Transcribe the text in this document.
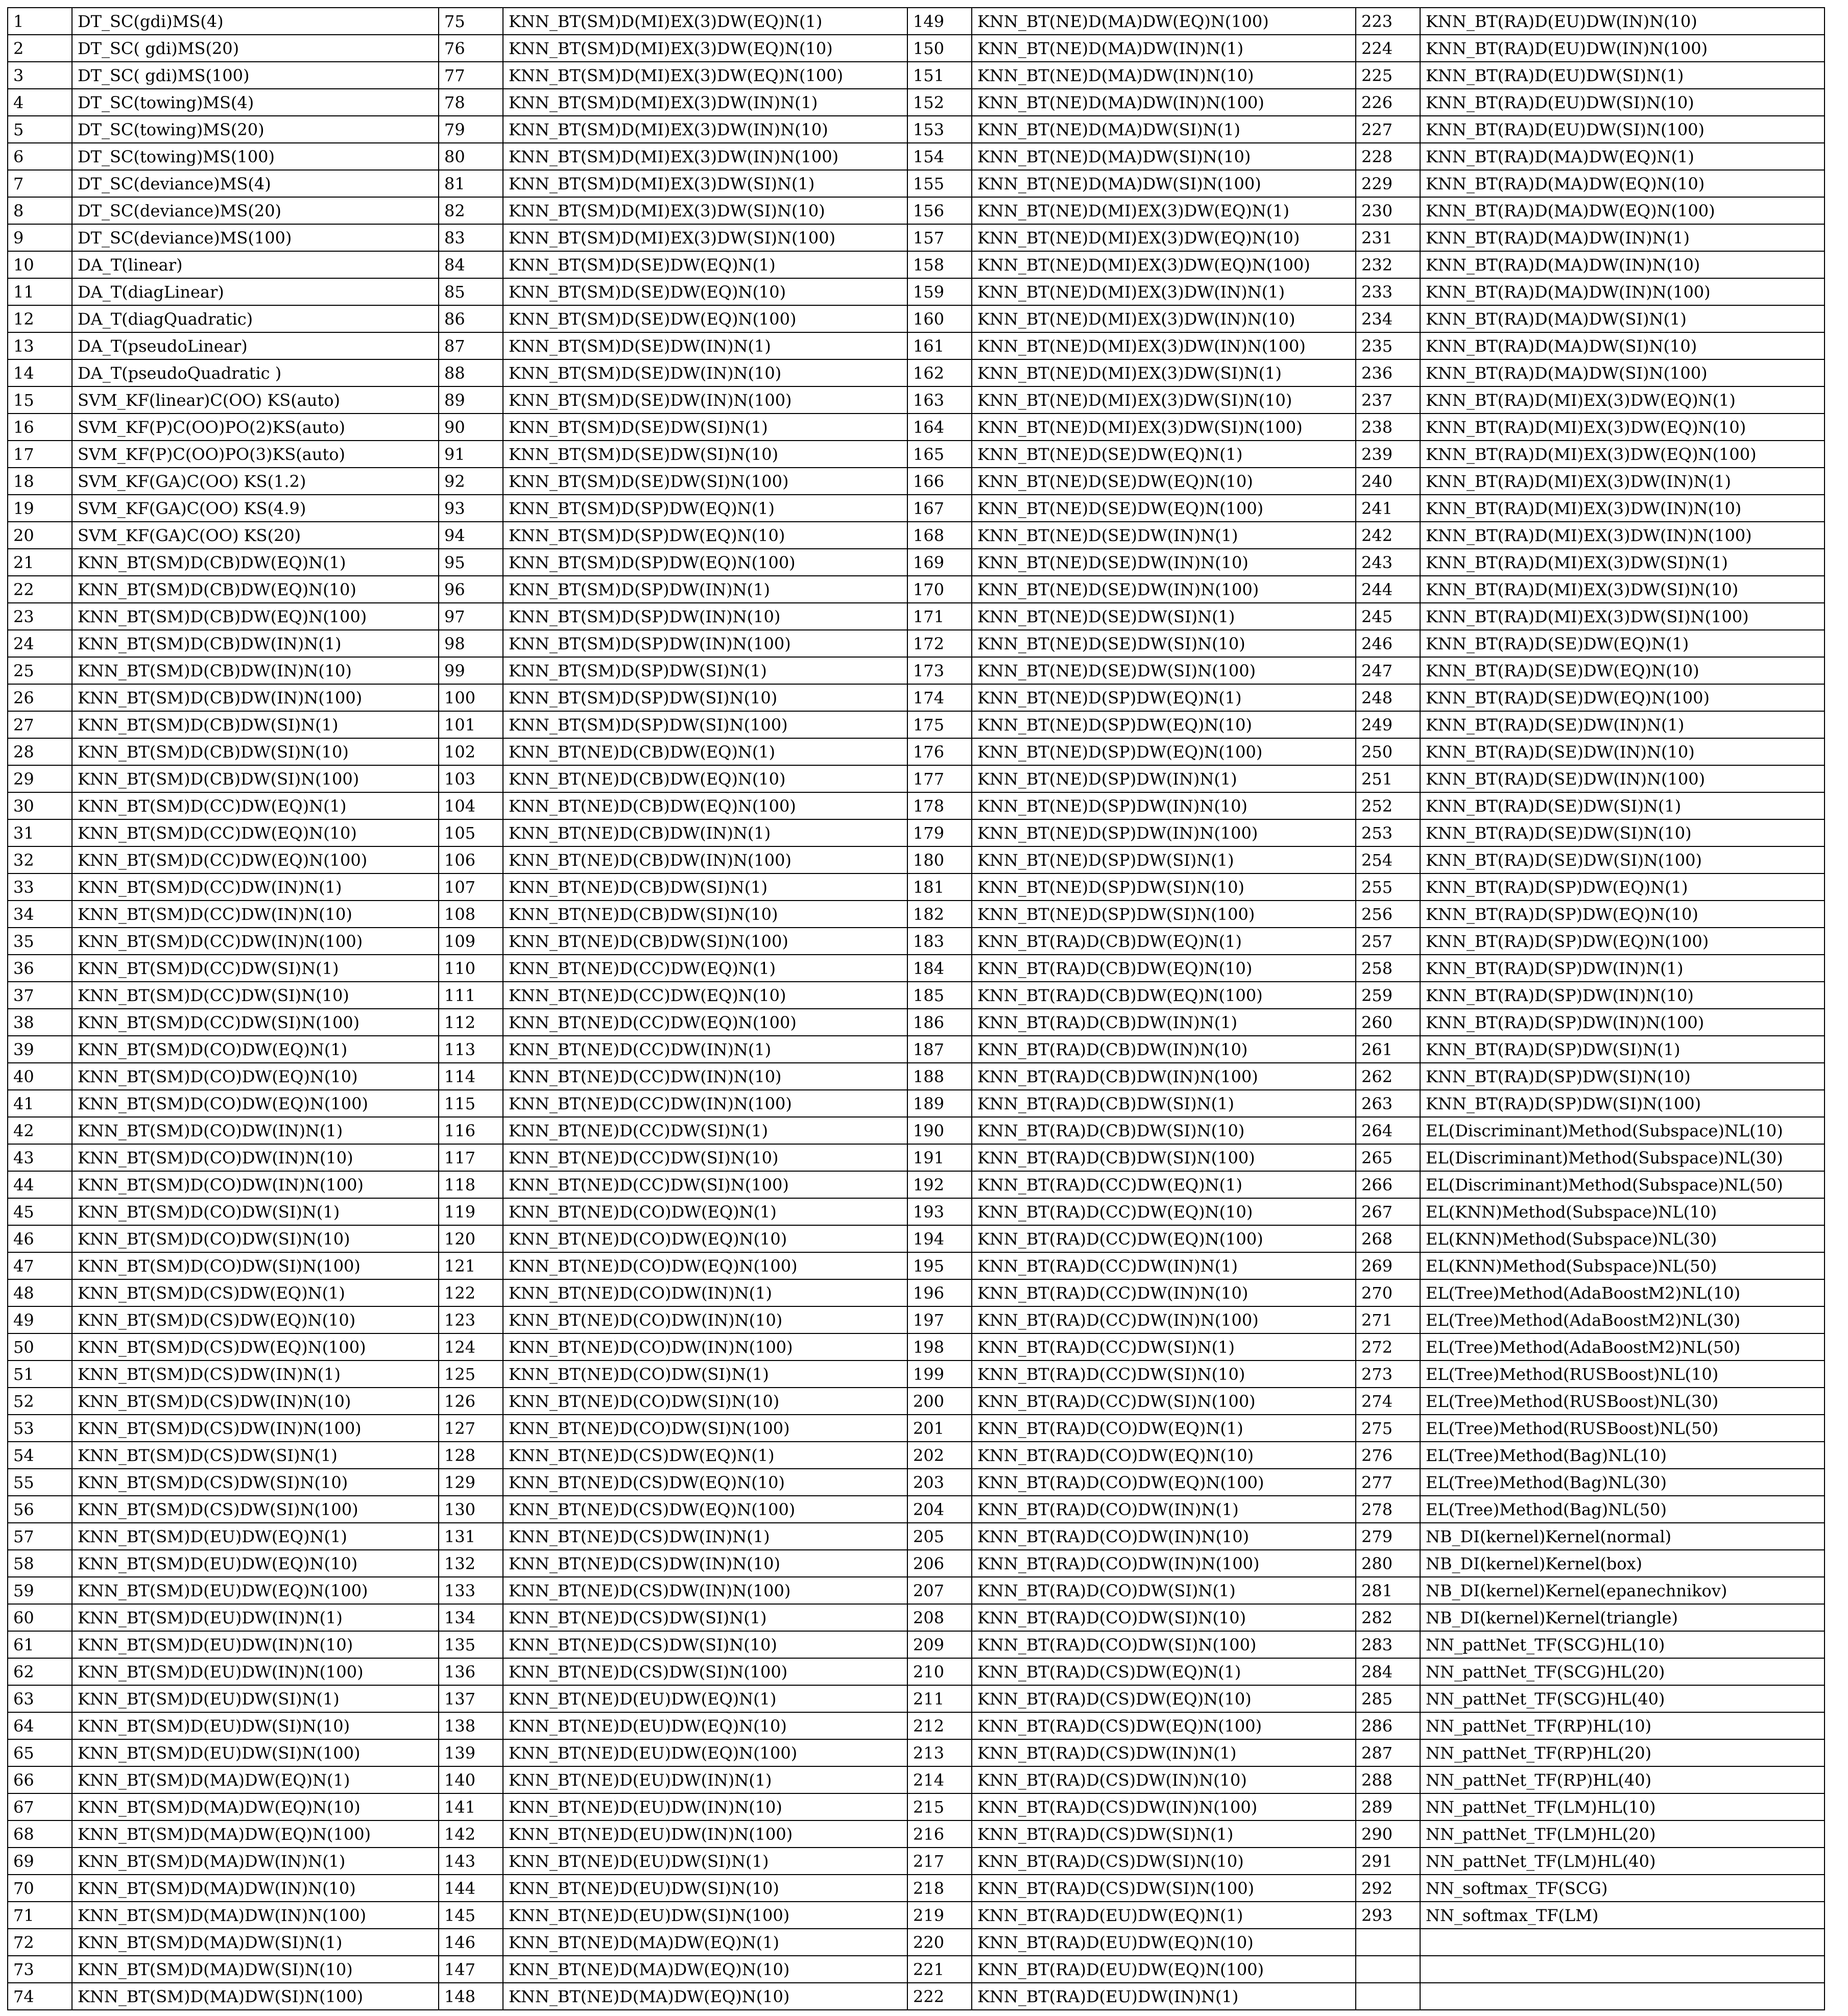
1	DT_SC(gdi)MS(4)	75	KNN_BT(SM)D(MI)EX(3)DW(EQ)N(1)	149	KNN_BT(NE)D(MA)DW(EQ)N(100)	223	KNN_BT(RA)D(EU)DW(IN)N(10)
2	DT_SC( gdi)MS(20)	76	KNN_BT(SM)D(MI)EX(3)DW(EQ)N(10)	150	KNN_BT(NE)D(MA)DW(IN)N(1)	224	KNN_BT(RA)D(EU)DW(IN)N(100)
3	DT_SC( gdi)MS(100)	77	KNN_BT(SM)D(MI)EX(3)DW(EQ)N(100)	151	KNN_BT(NE)D(MA)DW(IN)N(10)	225	KNN_BT(RA)D(EU)DW(SI)N(1)
4	DT_SC(towing)MS(4)	78	KNN_BT(SM)D(MI)EX(3)DW(IN)N(1)	152	KNN_BT(NE)D(MA)DW(IN)N(100)	226	KNN_BT(RA)D(EU)DW(SI)N(10)
5	DT_SC(towing)MS(20)	79	KNN_BT(SM)D(MI)EX(3)DW(IN)N(10)	153	KNN_BT(NE)D(MA)DW(SI)N(1)	227	KNN_BT(RA)D(EU)DW(SI)N(100)
6	DT_SC(towing)MS(100)	80	KNN_BT(SM)D(MI)EX(3)DW(IN)N(100)	154	KNN_BT(NE)D(MA)DW(SI)N(10)	228	KNN_BT(RA)D(MA)DW(EQ)N(1)
7	DT_SC(deviance)MS(4)	81	KNN_BT(SM)D(MI)EX(3)DW(SI)N(1)	155	KNN_BT(NE)D(MA)DW(SI)N(100)	229	KNN_BT(RA)D(MA)DW(EQ)N(10)
8	DT_SC(deviance)MS(20)	82	KNN_BT(SM)D(MI)EX(3)DW(SI)N(10)	156	KNN_BT(NE)D(MI)EX(3)DW(EQ)N(1)	230	KNN_BT(RA)D(MA)DW(EQ)N(100)
9	DT_SC(deviance)MS(100)	83	KNN_BT(SM)D(MI)EX(3)DW(SI)N(100)	157	KNN_BT(NE)D(MI)EX(3)DW(EQ)N(10)	231	KNN_BT(RA)D(MA)DW(IN)N(1)
10	DA_T(linear)	84	KNN_BT(SM)D(SE)DW(EQ)N(1)	158	KNN_BT(NE)D(MI)EX(3)DW(EQ)N(100)	232	KNN_BT(RA)D(MA)DW(IN)N(10)
11	DA_T(diagLinear)	85	KNN_BT(SM)D(SE)DW(EQ)N(10)	159	KNN_BT(NE)D(MI)EX(3)DW(IN)N(1)	233	KNN_BT(RA)D(MA)DW(IN)N(100)
12	DA_T(diagQuadratic)	86	KNN_BT(SM)D(SE)DW(EQ)N(100)	160	KNN_BT(NE)D(MI)EX(3)DW(IN)N(10)	234	KNN_BT(RA)D(MA)DW(SI)N(1)
13	DA_T(pseudoLinear)	87	KNN_BT(SM)D(SE)DW(IN)N(1)	161	KNN_BT(NE)D(MI)EX(3)DW(IN)N(100)	235	KNN_BT(RA)D(MA)DW(SI)N(10)
14	DA_T(pseudoQuadratic )	88	KNN_BT(SM)D(SE)DW(IN)N(10)	162	KNN_BT(NE)D(MI)EX(3)DW(SI)N(1)	236	KNN_BT(RA)D(MA)DW(SI)N(100)
15	SVM_KF(linear)C(OO) KS(auto)	89	KNN_BT(SM)D(SE)DW(IN)N(100)	163	KNN_BT(NE)D(MI)EX(3)DW(SI)N(10)	237	KNN_BT(RA)D(MI)EX(3)DW(EQ)N(1)
16	SVM_KF(P)C(OO)PO(2)KS(auto)	90	KNN_BT(SM)D(SE)DW(SI)N(1)	164	KNN_BT(NE)D(MI)EX(3)DW(SI)N(100)	238	KNN_BT(RA)D(MI)EX(3)DW(EQ)N(10)
17	SVM_KF(P)C(OO)PO(3)KS(auto)	91	KNN_BT(SM)D(SE)DW(SI)N(10)	165	KNN_BT(NE)D(SE)DW(EQ)N(1)	239	KNN_BT(RA)D(MI)EX(3)DW(EQ)N(100)
18	SVM_KF(GA)C(OO) KS(1.2)	92	KNN_BT(SM)D(SE)DW(SI)N(100)	166	KNN_BT(NE)D(SE)DW(EQ)N(10)	240	KNN_BT(RA)D(MI)EX(3)DW(IN)N(1)
19	SVM_KF(GA)C(OO) KS(4.9)	93	KNN_BT(SM)D(SP)DW(EQ)N(1)	167	KNN_BT(NE)D(SE)DW(EQ)N(100)	241	KNN_BT(RA)D(MI)EX(3)DW(IN)N(10)
20	SVM_KF(GA)C(OO) KS(20)	94	KNN_BT(SM)D(SP)DW(EQ)N(10)	168	KNN_BT(NE)D(SE)DW(IN)N(1)	242	KNN_BT(RA)D(MI)EX(3)DW(IN)N(100)
21	KNN_BT(SM)D(CB)DW(EQ)N(1)	95	KNN_BT(SM)D(SP)DW(EQ)N(100)	169	KNN_BT(NE)D(SE)DW(IN)N(10)	243	KNN_BT(RA)D(MI)EX(3)DW(SI)N(1)
22	KNN_BT(SM)D(CB)DW(EQ)N(10)	96	KNN_BT(SM)D(SP)DW(IN)N(1)	170	KNN_BT(NE)D(SE)DW(IN)N(100)	244	KNN_BT(RA)D(MI)EX(3)DW(SI)N(10)
23	KNN_BT(SM)D(CB)DW(EQ)N(100)	97	KNN_BT(SM)D(SP)DW(IN)N(10)	171	KNN_BT(NE)D(SE)DW(SI)N(1)	245	KNN_BT(RA)D(MI)EX(3)DW(SI)N(100)
24	KNN_BT(SM)D(CB)DW(IN)N(1)	98	KNN_BT(SM)D(SP)DW(IN)N(100)	172	KNN_BT(NE)D(SE)DW(SI)N(10)	246	KNN_BT(RA)D(SE)DW(EQ)N(1)
25	KNN_BT(SM)D(CB)DW(IN)N(10)	99	KNN_BT(SM)D(SP)DW(SI)N(1)	173	KNN_BT(NE)D(SE)DW(SI)N(100)	247	KNN_BT(RA)D(SE)DW(EQ)N(10)
26	KNN_BT(SM)D(CB)DW(IN)N(100)	100	KNN_BT(SM)D(SP)DW(SI)N(10)	174	KNN_BT(NE)D(SP)DW(EQ)N(1)	248	KNN_BT(RA)D(SE)DW(EQ)N(100)
27	KNN_BT(SM)D(CB)DW(SI)N(1)	101	KNN_BT(SM)D(SP)DW(SI)N(100)	175	KNN_BT(NE)D(SP)DW(EQ)N(10)	249	KNN_BT(RA)D(SE)DW(IN)N(1)
28	KNN_BT(SM)D(CB)DW(SI)N(10)	102	KNN_BT(NE)D(CB)DW(EQ)N(1)	176	KNN_BT(NE)D(SP)DW(EQ)N(100)	250	KNN_BT(RA)D(SE)DW(IN)N(10)
29	KNN_BT(SM)D(CB)DW(SI)N(100)	103	KNN_BT(NE)D(CB)DW(EQ)N(10)	177	KNN_BT(NE)D(SP)DW(IN)N(1)	251	KNN_BT(RA)D(SE)DW(IN)N(100)
30	KNN_BT(SM)D(CC)DW(EQ)N(1)	104	KNN_BT(NE)D(CB)DW(EQ)N(100)	178	KNN_BT(NE)D(SP)DW(IN)N(10)	252	KNN_BT(RA)D(SE)DW(SI)N(1)
31	KNN_BT(SM)D(CC)DW(EQ)N(10)	105	KNN_BT(NE)D(CB)DW(IN)N(1)	179	KNN_BT(NE)D(SP)DW(IN)N(100)	253	KNN_BT(RA)D(SE)DW(SI)N(10)
32	KNN_BT(SM)D(CC)DW(EQ)N(100)	106	KNN_BT(NE)D(CB)DW(IN)N(100)	180	KNN_BT(NE)D(SP)DW(SI)N(1)	254	KNN_BT(RA)D(SE)DW(SI)N(100)
33	KNN_BT(SM)D(CC)DW(IN)N(1)	107	KNN_BT(NE)D(CB)DW(SI)N(1)	181	KNN_BT(NE)D(SP)DW(SI)N(10)	255	KNN_BT(RA)D(SP)DW(EQ)N(1)
34	KNN_BT(SM)D(CC)DW(IN)N(10)	108	KNN_BT(NE)D(CB)DW(SI)N(10)	182	KNN_BT(NE)D(SP)DW(SI)N(100)	256	KNN_BT(RA)D(SP)DW(EQ)N(10)
35	KNN_BT(SM)D(CC)DW(IN)N(100)	109	KNN_BT(NE)D(CB)DW(SI)N(100)	183	KNN_BT(RA)D(CB)DW(EQ)N(1)	257	KNN_BT(RA)D(SP)DW(EQ)N(100)
36	KNN_BT(SM)D(CC)DW(SI)N(1)	110	KNN_BT(NE)D(CC)DW(EQ)N(1)	184	KNN_BT(RA)D(CB)DW(EQ)N(10)	258	KNN_BT(RA)D(SP)DW(IN)N(1)
37	KNN_BT(SM)D(CC)DW(SI)N(10)	111	KNN_BT(NE)D(CC)DW(EQ)N(10)	185	KNN_BT(RA)D(CB)DW(EQ)N(100)	259	KNN_BT(RA)D(SP)DW(IN)N(10)
38	KNN_BT(SM)D(CC)DW(SI)N(100)	112	KNN_BT(NE)D(CC)DW(EQ)N(100)	186	KNN_BT(RA)D(CB)DW(IN)N(1)	260	KNN_BT(RA)D(SP)DW(IN)N(100)
39	KNN_BT(SM)D(CO)DW(EQ)N(1)	113	KNN_BT(NE)D(CC)DW(IN)N(1)	187	KNN_BT(RA)D(CB)DW(IN)N(10)	261	KNN_BT(RA)D(SP)DW(SI)N(1)
40	KNN_BT(SM)D(CO)DW(EQ)N(10)	114	KNN_BT(NE)D(CC)DW(IN)N(10)	188	KNN_BT(RA)D(CB)DW(IN)N(100)	262	KNN_BT(RA)D(SP)DW(SI)N(10)
41	KNN_BT(SM)D(CO)DW(EQ)N(100)	115	KNN_BT(NE)D(CC)DW(IN)N(100)	189	KNN_BT(RA)D(CB)DW(SI)N(1)	263	KNN_BT(RA)D(SP)DW(SI)N(100)
42	KNN_BT(SM)D(CO)DW(IN)N(1)	116	KNN_BT(NE)D(CC)DW(SI)N(1)	190	KNN_BT(RA)D(CB)DW(SI)N(10)	264	EL(Discriminant)Method(Subspace)NL(10)
43	KNN_BT(SM)D(CO)DW(IN)N(10)	117	KNN_BT(NE)D(CC)DW(SI)N(10)	191	KNN_BT(RA)D(CB)DW(SI)N(100)	265	EL(Discriminant)Method(Subspace)NL(30)
44	KNN_BT(SM)D(CO)DW(IN)N(100)	118	KNN_BT(NE)D(CC)DW(SI)N(100)	192	KNN_BT(RA)D(CC)DW(EQ)N(1)	266	EL(Discriminant)Method(Subspace)NL(50)
45	KNN_BT(SM)D(CO)DW(SI)N(1)	119	KNN_BT(NE)D(CO)DW(EQ)N(1)	193	KNN_BT(RA)D(CC)DW(EQ)N(10)	267	EL(KNN)Method(Subspace)NL(10)
46	KNN_BT(SM)D(CO)DW(SI)N(10)	120	KNN_BT(NE)D(CO)DW(EQ)N(10)	194	KNN_BT(RA)D(CC)DW(EQ)N(100)	268	EL(KNN)Method(Subspace)NL(30)
47	KNN_BT(SM)D(CO)DW(SI)N(100)	121	KNN_BT(NE)D(CO)DW(EQ)N(100)	195	KNN_BT(RA)D(CC)DW(IN)N(1)	269	EL(KNN)Method(Subspace)NL(50)
48	KNN_BT(SM)D(CS)DW(EQ)N(1)	122	KNN_BT(NE)D(CO)DW(IN)N(1)	196	KNN_BT(RA)D(CC)DW(IN)N(10)	270	EL(Tree)Method(AdaBoostM2)NL(10)
49	KNN_BT(SM)D(CS)DW(EQ)N(10)	123	KNN_BT(NE)D(CO)DW(IN)N(10)	197	KNN_BT(RA)D(CC)DW(IN)N(100)	271	EL(Tree)Method(AdaBoostM2)NL(30)
50	KNN_BT(SM)D(CS)DW(EQ)N(100)	124	KNN_BT(NE)D(CO)DW(IN)N(100)	198	KNN_BT(RA)D(CC)DW(SI)N(1)	272	EL(Tree)Method(AdaBoostM2)NL(50)
51	KNN_BT(SM)D(CS)DW(IN)N(1)	125	KNN_BT(NE)D(CO)DW(SI)N(1)	199	KNN_BT(RA)D(CC)DW(SI)N(10)	273	EL(Tree)Method(RUSBoost)NL(10)
52	KNN_BT(SM)D(CS)DW(IN)N(10)	126	KNN_BT(NE)D(CO)DW(SI)N(10)	200	KNN_BT(RA)D(CC)DW(SI)N(100)	274	EL(Tree)Method(RUSBoost)NL(30)
53	KNN_BT(SM)D(CS)DW(IN)N(100)	127	KNN_BT(NE)D(CO)DW(SI)N(100)	201	KNN_BT(RA)D(CO)DW(EQ)N(1)	275	EL(Tree)Method(RUSBoost)NL(50)
54	KNN_BT(SM)D(CS)DW(SI)N(1)	128	KNN_BT(NE)D(CS)DW(EQ)N(1)	202	KNN_BT(RA)D(CO)DW(EQ)N(10)	276	EL(Tree)Method(Bag)NL(10)
55	KNN_BT(SM)D(CS)DW(SI)N(10)	129	KNN_BT(NE)D(CS)DW(EQ)N(10)	203	KNN_BT(RA)D(CO)DW(EQ)N(100)	277	EL(Tree)Method(Bag)NL(30)
56	KNN_BT(SM)D(CS)DW(SI)N(100)	130	KNN_BT(NE)D(CS)DW(EQ)N(100)	204	KNN_BT(RA)D(CO)DW(IN)N(1)	278	EL(Tree)Method(Bag)NL(50)
57	KNN_BT(SM)D(EU)DW(EQ)N(1)	131	KNN_BT(NE)D(CS)DW(IN)N(1)	205	KNN_BT(RA)D(CO)DW(IN)N(10)	279	NB_DI(kernel)Kernel(normal)
58	KNN_BT(SM)D(EU)DW(EQ)N(10)	132	KNN_BT(NE)D(CS)DW(IN)N(10)	206	KNN_BT(RA)D(CO)DW(IN)N(100)	280	NB_DI(kernel)Kernel(box)
59	KNN_BT(SM)D(EU)DW(EQ)N(100)	133	KNN_BT(NE)D(CS)DW(IN)N(100)	207	KNN_BT(RA)D(CO)DW(SI)N(1)	281	NB_DI(kernel)Kernel(epanechnikov)
60	KNN_BT(SM)D(EU)DW(IN)N(1)	134	KNN_BT(NE)D(CS)DW(SI)N(1)	208	KNN_BT(RA)D(CO)DW(SI)N(10)	282	NB_DI(kernel)Kernel(triangle)
61	KNN_BT(SM)D(EU)DW(IN)N(10)	135	KNN_BT(NE)D(CS)DW(SI)N(10)	209	KNN_BT(RA)D(CO)DW(SI)N(100)	283	NN_pattNet_TF(SCG)HL(10)
62	KNN_BT(SM)D(EU)DW(IN)N(100)	136	KNN_BT(NE)D(CS)DW(SI)N(100)	210	KNN_BT(RA)D(CS)DW(EQ)N(1)	284	NN_pattNet_TF(SCG)HL(20)
63	KNN_BT(SM)D(EU)DW(SI)N(1)	137	KNN_BT(NE)D(EU)DW(EQ)N(1)	211	KNN_BT(RA)D(CS)DW(EQ)N(10)	285	NN_pattNet_TF(SCG)HL(40)
64	KNN_BT(SM)D(EU)DW(SI)N(10)	138	KNN_BT(NE)D(EU)DW(EQ)N(10)	212	KNN_BT(RA)D(CS)DW(EQ)N(100)	286	NN_pattNet_TF(RP)HL(10)
65	KNN_BT(SM)D(EU)DW(SI)N(100)	139	KNN_BT(NE)D(EU)DW(EQ)N(100)	213	KNN_BT(RA)D(CS)DW(IN)N(1)	287	NN_pattNet_TF(RP)HL(20)
66	KNN_BT(SM)D(MA)DW(EQ)N(1)	140	KNN_BT(NE)D(EU)DW(IN)N(1)	214	KNN_BT(RA)D(CS)DW(IN)N(10)	288	NN_pattNet_TF(RP)HL(40)
67	KNN_BT(SM)D(MA)DW(EQ)N(10)	141	KNN_BT(NE)D(EU)DW(IN)N(10)	215	KNN_BT(RA)D(CS)DW(IN)N(100)	289	NN_pattNet_TF(LM)HL(10)
68	KNN_BT(SM)D(MA)DW(EQ)N(100)	142	KNN_BT(NE)D(EU)DW(IN)N(100)	216	KNN_BT(RA)D(CS)DW(SI)N(1)	290	NN_pattNet_TF(LM)HL(20)
69	KNN_BT(SM)D(MA)DW(IN)N(1)	143	KNN_BT(NE)D(EU)DW(SI)N(1)	217	KNN_BT(RA)D(CS)DW(SI)N(10)	291	NN_pattNet_TF(LM)HL(40)
70	KNN_BT(SM)D(MA)DW(IN)N(10)	144	KNN_BT(NE)D(EU)DW(SI)N(10)	218	KNN_BT(RA)D(CS)DW(SI)N(100)	292	NN_softmax_TF(SCG)
71	KNN_BT(SM)D(MA)DW(IN)N(100)	145	KNN_BT(NE)D(EU)DW(SI)N(100)	219	KNN_BT(RA)D(EU)DW(EQ)N(1)	293	NN_softmax_TF(LM)
72	KNN_BT(SM)D(MA)DW(SI)N(1)	146	KNN_BT(NE)D(MA)DW(EQ)N(1)	220	KNN_BT(RA)D(EU)DW(EQ)N(10)		
73	KNN_BT(SM)D(MA)DW(SI)N(10)	147	KNN_BT(NE)D(MA)DW(EQ)N(10)	221	KNN_BT(RA)D(EU)DW(EQ)N(100)		
74	KNN_BT(SM)D(MA)DW(SI)N(100)	148	KNN_BT(NE)D(MA)DW(EQ)N(10)	222	KNN_BT(RA)D(EU)DW(IN)N(1)		
